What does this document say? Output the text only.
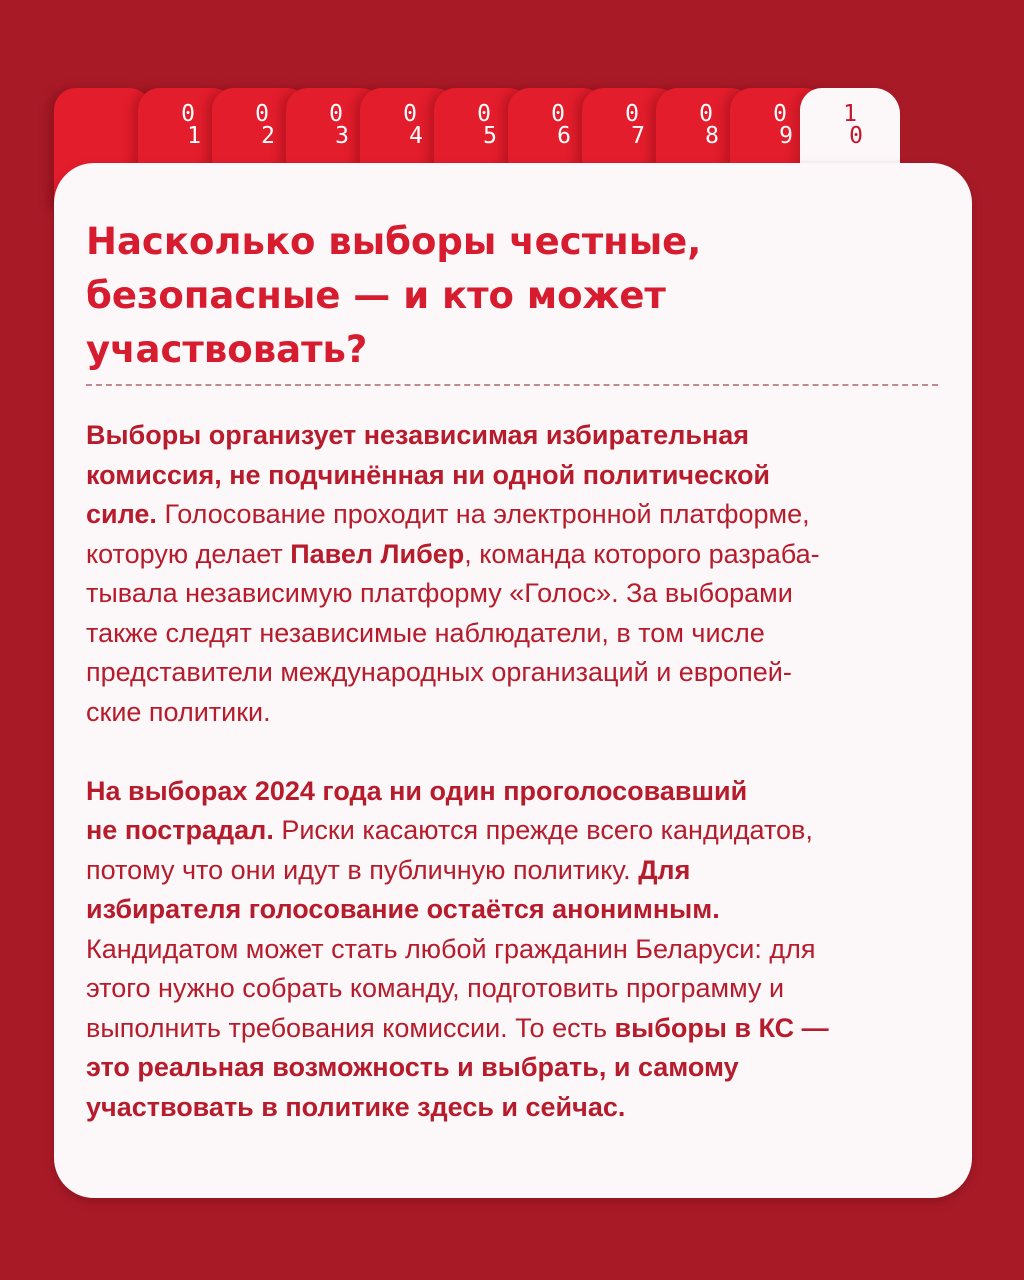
0
1
0
2
0
3
0
4
0
5
0
6
0
7
0
8
0
9
1
0
Насколько выборы честные,
безопасные — и кто может
участвовать?

Выборы организует независимая избирательная
комиссия, не подчинённая ни одной политической
силе. Голосование проходит на электронной платформе,
которую делает Павел Либер, команда которого разраба-
тывала независимую платформу «Голос». За выборами
также следят независимые наблюдатели, в том числе
представители международных организаций и европей-
ские политики.

На выборах 2024 года ни один проголосовавший
не пострадал. Риски касаются прежде всего кандидатов,
потому что они идут в публичную политику. Для
избирателя голосование остаётся анонимным.
Кандидатом может стать любой гражданин Беларуси: для
этого нужно собрать команду, подготовить программу и
выполнить требования комиссии. То есть выборы в КС —
это реальная возможность и выбрать, и самому
участвовать в политике здесь и сейчас.
